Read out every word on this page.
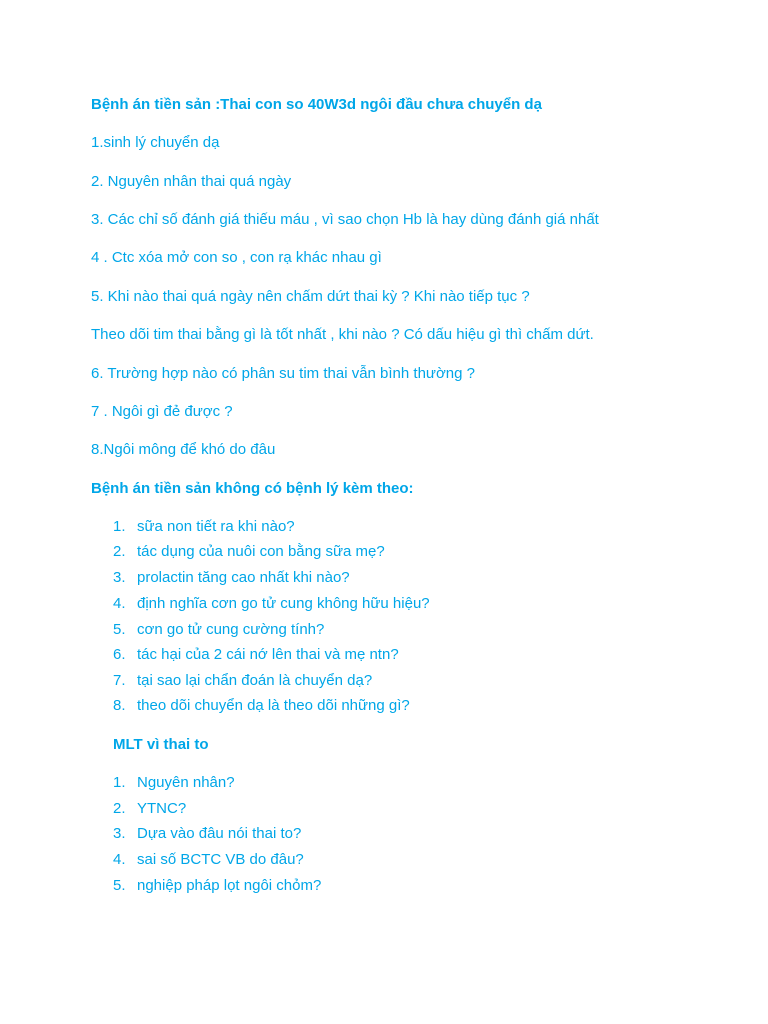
Bệnh án tiền sản :Thai con so 40W3d ngôi đầu chưa chuyển dạ
1.sinh lý chuyển dạ
2. Nguyên nhân thai quá ngày
3. Các chỉ số đánh giá thiếu máu , vì sao chọn Hb là hay dùng đánh giá nhất
4 . Ctc xóa mở con so , con rạ khác nhau gì
5. Khi nào thai quá ngày nên chấm dứt thai kỳ ? Khi nào tiếp tục ?
Theo dõi tim thai bằng gì là tốt nhất , khi nào ? Có dấu hiệu gì thì chấm dứt.
6. Trường hợp nào có phân su tim thai vẫn bình thường ?
7 . Ngôi gì đẻ được ?
8.Ngôi mông để khó do đâu
Bệnh án tiền sản không có bệnh lý kèm theo:
1. sữa non tiết ra khi nào?
2. tác dụng của nuôi con bằng sữa mẹ?
3. prolactin tăng cao nhất khi nào?
4. định nghĩa cơn go tử cung không hữu hiệu?
5. cơn go tử cung cường tính?
6. tác hại của 2 cái nớ lên thai và mẹ ntn?
7. tại sao lại chẩn đoán là chuyển dạ?
8. theo dõi chuyển dạ là theo dõi những gì?
MLT vì thai to
1. Nguyên nhân?
2. YTNC?
3. Dựa vào đâu nói thai to?
4. sai số BCTC VB do đâu?
5. nghiệp pháp lọt ngôi chỏm?
